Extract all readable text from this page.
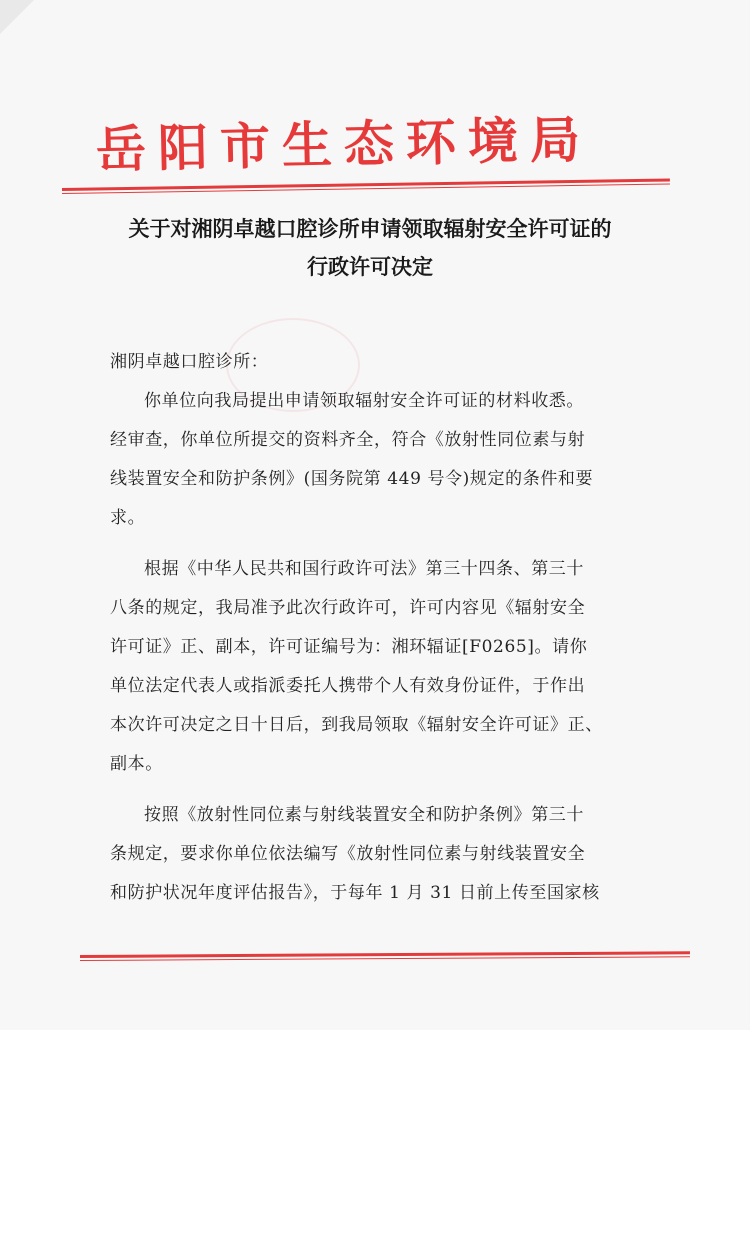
岳阳市生态环境局
关于对湘阴卓越口腔诊所申请领取辐射安全许可证的
行政许可决定
湘阴卓越口腔诊所：
你单位向我局提出申请领取辐射安全许可证的材料收悉。
经审查，你单位所提交的资料齐全，符合《放射性同位素与射
线装置安全和防护条例》(国务院第 449 号令)规定的条件和要
求。
根据《中华人民共和国行政许可法》第三十四条、第三十
八条的规定，我局准予此次行政许可，许可内容见《辐射安全
许可证》正、副本，许可证编号为：湘环辐证[F0265]。请你
单位法定代表人或指派委托人携带个人有效身份证件，于作出
本次许可决定之日十日后，到我局领取《辐射安全许可证》正、
副本。
按照《放射性同位素与射线装置安全和防护条例》第三十
条规定，要求你单位依法编写《放射性同位素与射线装置安全
和防护状况年度评估报告》，于每年 1 月 31 日前上传至国家核
